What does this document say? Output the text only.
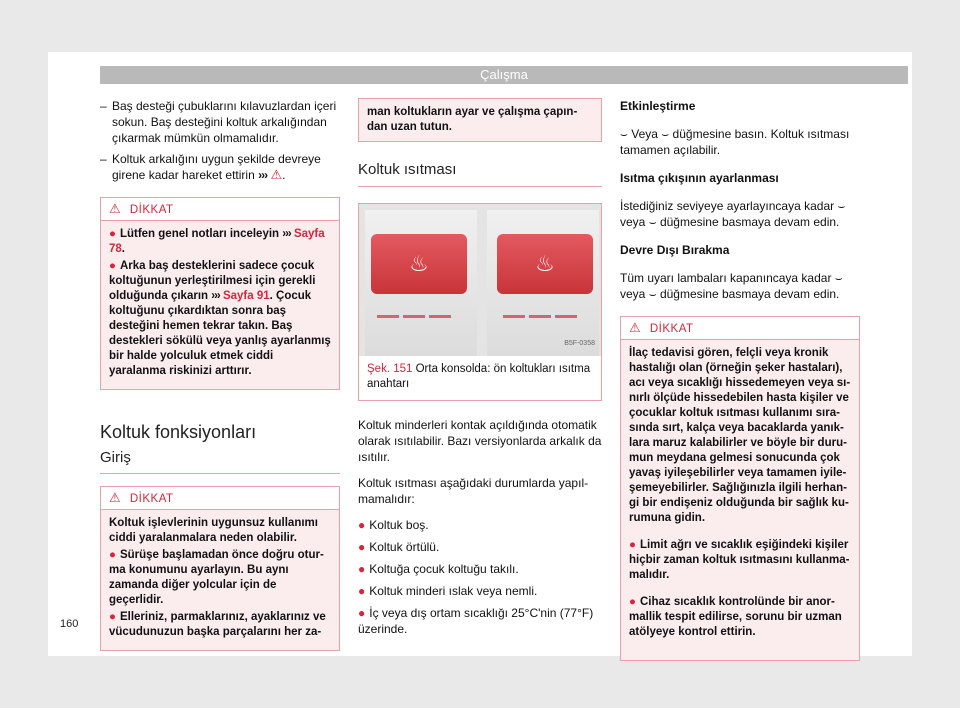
Çalışma
– Baş desteği çubuklarını kılavuzlardan içeri sokun. Baş desteğini koltuk arkalığından çıkarmak mümkün olmamalıdır.
– Koltuk arkalığını uygun şekilde devreye girene kadar hareket ettirin ››› ⚠.
⚠ DİKKAT

● Lütfen genel notları inceleyin ››› Sayfa 78.

● Arka baş desteklerini sadece çocuk koltuğunun yerleştirilmesi için gerekli olduğunda çıkarın ››› Sayfa 91. Çocuk koltuğunu çıkardıktan sonra baş desteğini hemen tekrar takın. Baş destekleri sökülü veya yanlış ayarlanmış bir halde yolculuk etmek ciddi yaralanma riskinizi arttırır.

Koltuk fonksiyonları
Giriş
⚠ DİKKAT

Koltuk işlevlerinin uygunsuz kullanımı ciddi yaralanmalara neden olabilir.

● Sürüşe başlamadan önce doğru oturma konumunu ayarlayın. Bu aynı zamanda diğer yolcular için de geçerlidir.

● Elleriniz, parmaklarınız, ayaklarınız ve vücudunuzun başka parçalarını her za-

man koltukların ayar ve çalışma çapından uzan tutun.
Koltuk ısıtması
♨	♨
B5F-0358
Şek. 151 Orta konsolda: ön koltukları ısıtma anahtarı

Koltuk minderleri kontak açıldığında otomatik olarak ısıtılabilir. Bazı versiyonlarda arkalık da ısıtılır.

Koltuk ısıtması aşağıdaki durumlarda yapılmamalıdır:

● Koltuk boş.
● Koltuk örtülü.
● Koltuğa çocuk koltuğu takılı.
● Koltuk minderi ıslak veya nemli.
● İç veya dış ortam sıcaklığı 25°C'nin (77°F) üzerinde.

Etkinleştirme

⌣ Veya ⌣ düğmesine basın. Koltuk ısıtması tamamen açılabilir.

Isıtma çıkışının ayarlanması

İstediğiniz seviyeye ayarlayıncaya kadar ⌣ veya ⌣ düğmesine basmaya devam edin.

Devre Dışı Bırakma

Tüm uyarı lambaları kapanıncaya kadar ⌣ veya ⌣ düğmesine basmaya devam edin.

⚠ DİKKAT

İlaç tedavisi gören, felçli veya kronik hastalığı olan (örneğin şeker hastaları), acı veya sıcaklığı hissedemeyen veya sınırlı ölçüde hissedebilen hasta kişiler ve çocuklar koltuk ısıtması kullanımı sırasında sırt, kalça veya bacaklarda yanıklara maruz kalabilirler ve böyle bir durumun meydana gelmesi sonucunda çok yavaş iyileşebilirler veya tamamen iyileşemeyebilirler. Sağlığınızla ilgili herhangi bir endişeniz olduğunda bir sağlık kurumuna gidin.

● Limit ağrı ve sıcaklık eşiğindeki kişiler hiçbir zaman koltuk ısıtmasını kullanmamalıdır.

● Cihaz sıcaklık kontrolünde bir anormallik tespit edilirse, sorunu bir uzman atölyeye kontrol ettirin.

160
